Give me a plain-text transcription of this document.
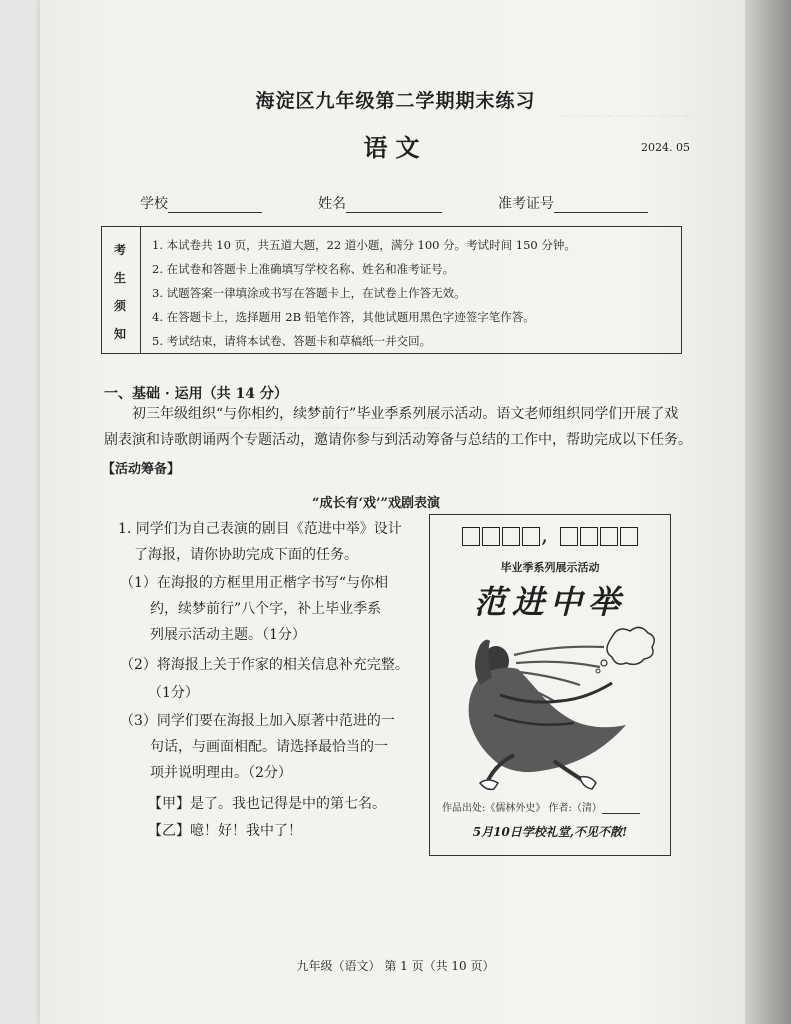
～～～～～～～～～～～～
～～～～～～～～～～～～～～～～～～～～～～
海淀区九年级第二学期期末练习
语文	2024. 05
学校	姓名	准考证号
考
生
须
知
1. 本试卷共 10 页，共五道大题，22 道小题，满分 100 分。考试时间 150 分钟。
2. 在试卷和答题卡上准确填写学校名称、姓名和准考证号。
3. 试题答案一律填涂或书写在答题卡上，在试卷上作答无效。
4. 在答题卡上，选择题用 2B 铅笔作答，其他试题用黑色字迹签字笔作答。
5. 考试结束，请将本试卷、答题卡和草稿纸一并交回。
一、基础 · 运用（共 14 分）
初三年级组织“与你相约，续梦前行”毕业季系列展示活动。语文老师组织同学们开展了戏
剧表演和诗歌朗诵两个专题活动，邀请你参与到活动筹备与总结的工作中，帮助完成以下任务。
【活动筹备】
“成长有‘戏’”戏剧表演
1. 同学们为自己表演的剧目《范进中举》设计
了海报，请你协助完成下面的任务。
（1）在海报的方框里用正楷字书写“与你相
约，续梦前行”八个字，补上毕业季系
列展示活动主题。（1分）
（2）将海报上关于作家的相关信息补充完整。
（1分）
（3）同学们要在海报上加入原著中范进的一
句话，与画面相配。请选择最恰当的一
项并说明理由。（2分）
【甲】是了。我也记得是中的第七名。
【乙】噫！好！我中了！
,
毕业季系列展示活动
范进中举
作品出处:《儒林外史》 作者:（清）
5月10日学校礼堂,不见不散!
九年级（语文） 第 1 页（共 10 页）
